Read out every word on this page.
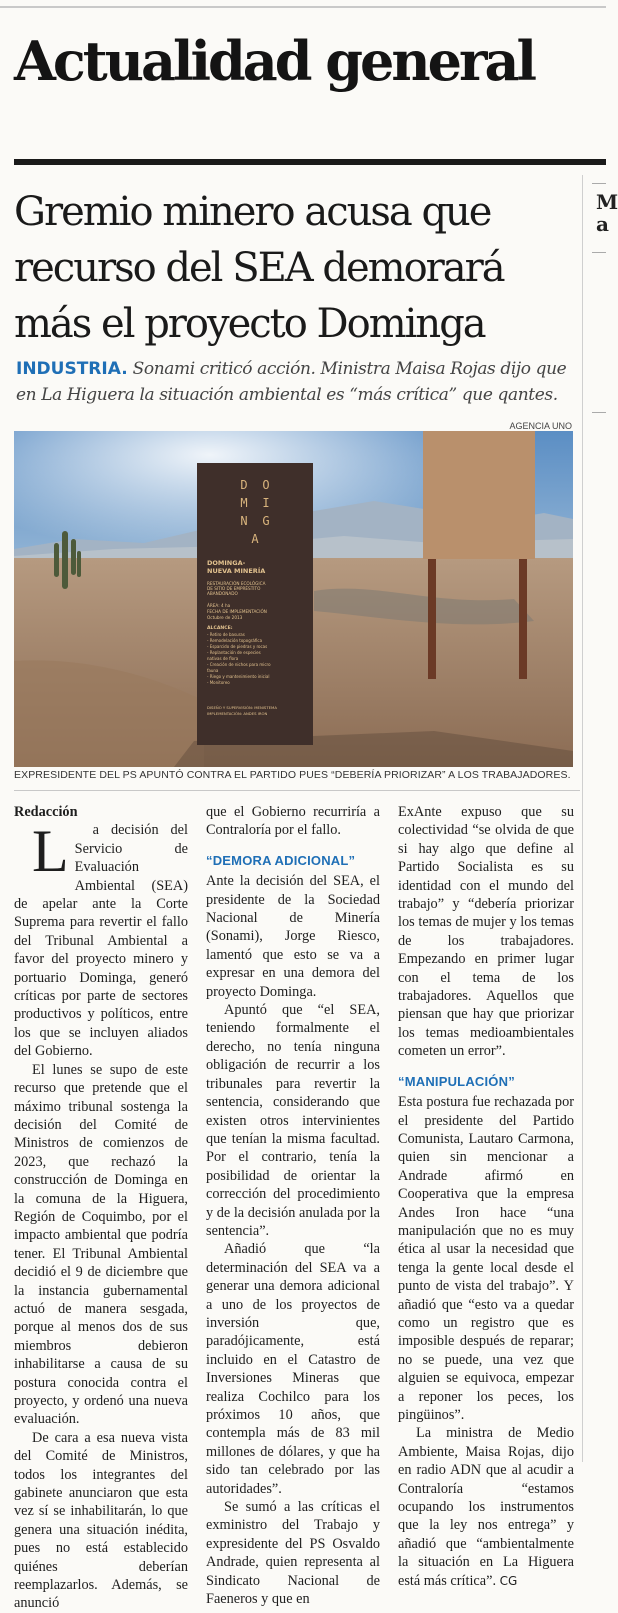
Actualidad general
M
a
Gremio minero acusa que
recurso del SEA demorará
más el proyecto Dominga
INDUSTRIA. Sonami criticó acción. Ministra Maisa Rojas dijo que
en La Higuera la situación ambiental es “más crítica” que qantes.
AGENCIA UNO
D O
M I
N G
A
DOMINGA-
NUEVA MINERÍA
RESTAURACIÓN ECOLÓGICA
DE SITIO DE EMPRÉSTITO
ABANDONADO
ÁREA: 4 ha
FECHA DE IMPLEMENTACIÓN
Octubre de 2013
ALCANCE:
- Retiro de basuras
- Remodelación topográfica
- Esparcido de piedras y rocas
- Replantación de especies
nativas de flora
- Creación de nichos para micro
fauna
- Riego y mantenimiento inicial
- Monitoreo
DISEÑO Y SUPERVISIÓN: MENISTEMA
IMPLEMENTACIÓN: ANDES IRON
EXPRESIDENTE DEL PS APUNTÓ CONTRA EL PARTIDO PUES “DEBERÍA PRIORIZAR” A LOS TRABAJADORES.

Redacción

L a decisión del Servicio de Evaluación Ambiental (SEA) de apelar ante la Corte Suprema para revertir el fallo del Tribunal Ambiental a favor del proyecto minero y portuario Dominga, generó críticas por parte de sectores productivos y políticos, entre los que se incluyen aliados del Gobierno.

El lunes se supo de este recurso que pretende que el máximo tribunal sostenga la decisión del Comité de Ministros de comienzos de 2023, que rechazó la construcción de Dominga en la comuna de la Higuera, Región de Coquimbo, por el impacto ambiental que podría tener. El Tribunal Ambiental decidió el 9 de diciembre que la instancia gubernamental actuó de manera sesgada, porque al menos dos de sus miembros debieron inhabilitarse a causa de su postura conocida contra el proyecto, y ordenó una nueva evaluación.

De cara a esa nueva vista del Comité de Ministros, todos los integrantes del gabinete anunciaron que esta vez sí se inhabilitarán, lo que genera una situación inédita, pues no está establecido quiénes deberían reemplazarlos. Además, se anunció

que el Gobierno recurriría a Contraloría por el fallo.

“DEMORA ADICIONAL”

Ante la decisión del SEA, el presidente de la Sociedad Nacional de Minería (Sonami), Jorge Riesco, lamentó que esto se va a expresar en una demora del proyecto Dominga.

Apuntó que “el SEA, teniendo formalmente el derecho, no tenía ninguna obligación de recurrir a los tribunales para revertir la sentencia, considerando que existen otros intervinientes que tenían la misma facultad. Por el contrario, tenía la posibilidad de orientar la corrección del procedimiento y de la decisión anulada por la sentencia”.

Añadió que “la determinación del SEA va a generar una demora adicional a uno de los proyectos de inversión que, paradójicamente, está incluido en el Catastro de Inversiones Mineras que realiza Cochilco para los próximos 10 años, que contempla más de 83 mil millones de dólares, y que ha sido tan celebrado por las autoridades”.

Se sumó a las críticas el exministro del Trabajo y expresidente del PS Osvaldo Andrade, quien representa al Sindicato Nacional de Faeneros y que en

ExAnte expuso que su colectividad “se olvida de que si hay algo que define al Partido Socialista es su identidad con el mundo del trabajo” y “debería priorizar los temas de mujer y los temas de los trabajadores. Empezando en primer lugar con el tema de los trabajadores. Aquellos que piensan que hay que priorizar los temas medioambientales cometen un error”.

“MANIPULACIÓN”

Esta postura fue rechazada por el presidente del Partido Comunista, Lautaro Carmona, quien sin mencionar a Andrade afirmó en Cooperativa que la empresa Andes Iron hace “una manipulación que no es muy ética al usar la necesidad que tenga la gente local desde el punto de vista del trabajo”. Y añadió que “esto va a quedar como un registro que es imposible después de reparar; no se puede, una vez que alguien se equivoca, empezar a reponer los peces, los pingüinos”.

La ministra de Medio Ambiente, Maisa Rojas, dijo en radio ADN que al acudir a Contraloría “estamos ocupando los instrumentos que la ley nos entrega” y añadió que “ambientalmente la situación en La Higuera está más crítica”. CG
